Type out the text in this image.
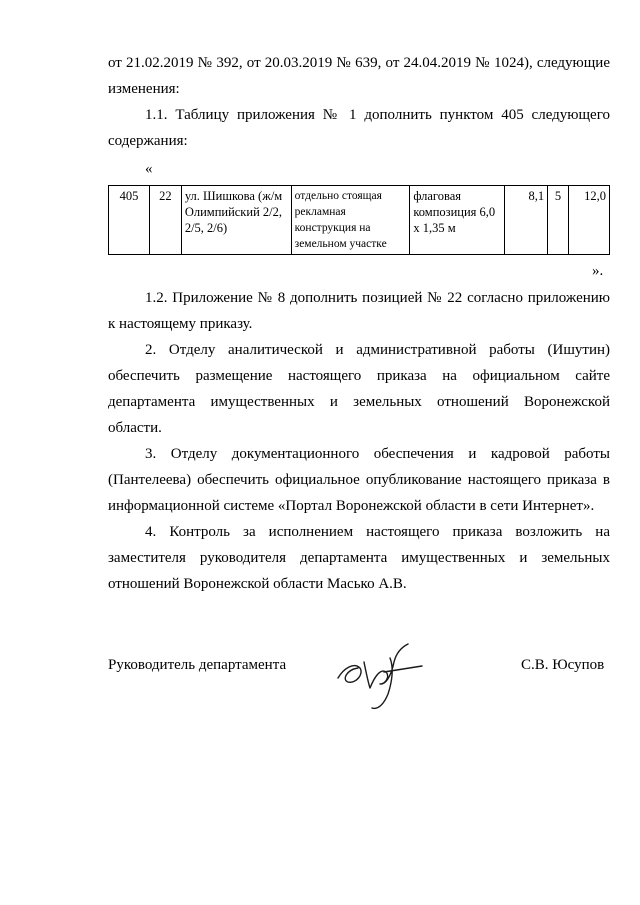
от 21.02.2019 № 392, от 20.03.2019 № 639, от 24.04.2019 № 1024), следующие
изменения:
1.1. Таблицу приложения № 1 дополнить пунктом 405 следующего
содержания:
«
405	22	ул. Шишкова (ж/м Олимпийский 2/2, 2/5, 2/6)	отдельно стоящая рекламная конструкция на земельном участке	флаговая композиция 6,0 х 1,35 м	8,1	5	12,0
».
1.2. Приложение № 8 дополнить позицией № 22 согласно приложению
к настоящему приказу.
2. Отделу аналитической и административной работы (Ишутин)
обеспечить размещение настоящего приказа на официальном сайте
департамента имущественных и земельных отношений Воронежской
области.
3. Отделу документационного обеспечения и кадровой работы
(Пантелеева) обеспечить официальное опубликование настоящего приказа в
информационной системе «Портал Воронежской области в сети Интернет».
4. Контроль за исполнением настоящего приказа возложить на
заместителя руководителя департамента имущественных и земельных
отношений Воронежской области Масько А.В.
Руководитель департамента	С.В. Юсупов
